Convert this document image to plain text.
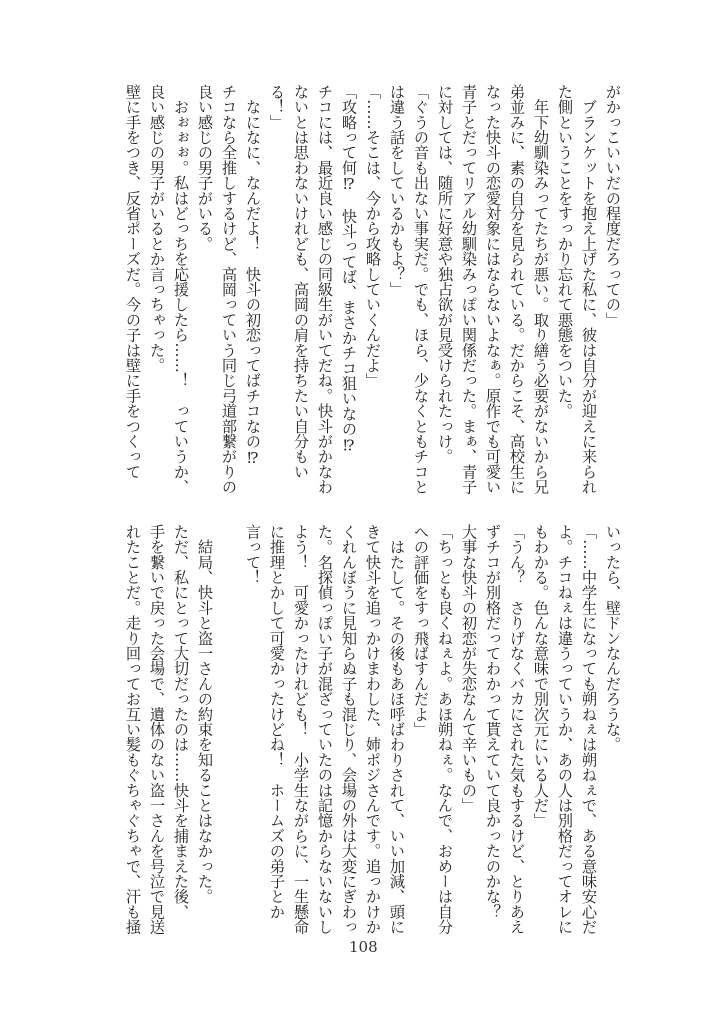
がかっこいいだの程度だろっての」
　ブランケットを抱え上げた私に、彼は自分が迎えに来られ
た側ということをすっかり忘れて悪態をついた。
　年下幼馴染みってたちが悪い。取り繕う必要がないから兄
弟並みに、素の自分を見られている。だからこそ、高校生に
なった快斗の恋愛対象にはならないよなぁ。原作でも可愛い
青子とだってリアル幼馴染みっぽい関係だった。まぁ、青子
に対しては、随所に好意や独占欲が見受けられたっけ。
「ぐうの音も出ない事実だ。でも、ほら、少なくともチコと
は違う話をしているかもよ？」
「……そこは、今から攻略していくんだよ」
「攻略って何⁉　快斗ってば、まさかチコ狙いなの⁉
チコには、最近良い感じの同級生がいてだね。快斗がかなわ
ないとは思わないけれども、高岡の肩を持ちたい自分もい
る！」
　なになに、なんだよ！　快斗の初恋ってばチコなの⁉
チコなら全推しするけど、高岡っていう同じ弓道部繋がりの
良い感じの男子がいる。
　おぉぉぉ。私はどっちを応援したら……！　っていうか、
良い感じの男子がいるとか言っちゃった。
壁に手をつき、反省ポーズだ。今の子は壁に手をつくって
いったら、壁ドンなんだろうな。
「……中学生になっても朔ねぇは朔ねぇで、ある意味安心だ
よ。チコねぇは違うっていうか、あの人は別格だってオレに
もわかる。色んな意味で別次元にいる人だ」
「うん？　さりげなくバカにされた気もするけど、とりあえ
ずチコが別格だってわかって貰えていて良かったのかな？
大事な快斗の初恋が失恋なんて辛いもの」
「ちっとも良くねぇよ。あほ朔ねぇ。なんで、おめーは自分
への評価をすっ飛ばすんだよ」
　はたして。その後もあほ呼ばわりされて、いい加減、頭に
きて快斗を追っかけまわした、姉ポジさんです。追っかけか
くれんぼうに見知らぬ子も混じり、会場の外は大変にぎわっ
た。名探偵っぽい子が混ざっていたのは記憶からないないし
よう！　可愛かったけれども！　小学生ながらに、一生懸命
に推理とかして可愛かったけどね！　ホームズの弟子とか
言って！
　結局、快斗と盗一さんの約束を知ることはなかった。
ただ、私にとって大切だったのは……快斗を捕まえた後、
手を繋いで戻った会場で、遺体のない盗一さんを号泣で見送
れたことだ。走り回ってお互い髪もぐちゃぐちゃで、汗も掻
108
